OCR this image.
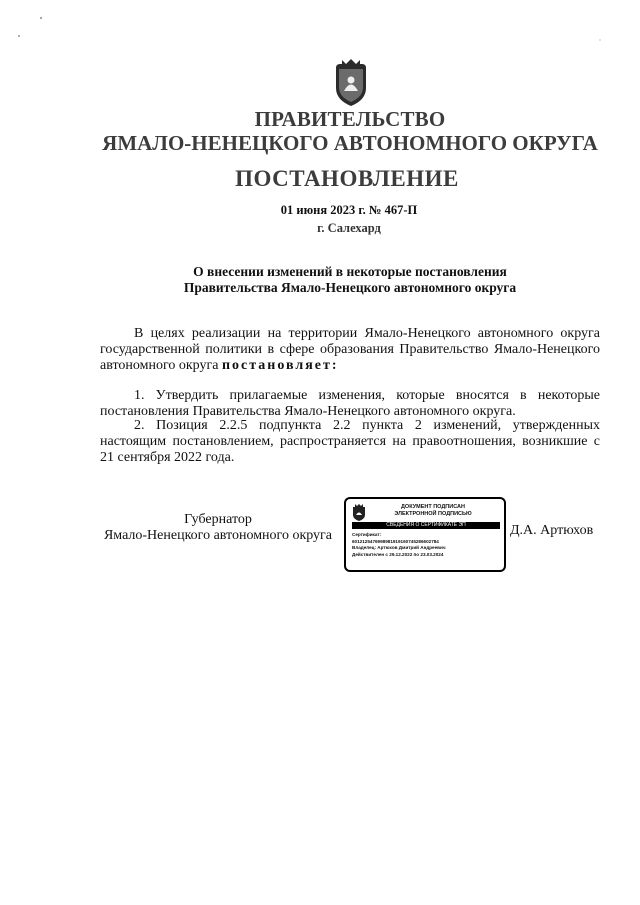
ПРАВИТЕЛЬСТВО
ЯМАЛО-НЕНЕЦКОГО АВТОНОМНОГО ОКРУГА
ПОСТАНОВЛЕНИЕ
01 июня 2023 г. № 467-П
г. Салехард
О внесении изменений в некоторые постановления
Правительства Ямало-Ненецкого автономного округа

В целях реализации на территории Ямало-Ненецкого автономного округа государственной политики в сфере образования Правительство Ямало-Ненецкого автономного округа постановляет:

1. Утвердить прилагаемые изменения, которые вносятся в некоторые постановления Правительства Ямало-Ненецкого автономного округа.

2. Позиция 2.2.5 подпункта 2.2 пункта 2 изменений, утвержденных настоящим постановлением, распространяется на правоотношения, возникшие с 21 сентября 2022 года.

Губернатор
Ямало-Ненецкого автономного округа
ДОКУМЕНТ ПОДПИСАН
ЭЛЕКТРОННОЙ ПОДПИСЬЮ
СВЕДЕНИЯ О СЕРТИФИКАТЕ ЭП
Сертификат:
6012125476998981919160745286602784
Владелец: Артюхов Дмитрий Андреевич
Действителен с 29.12.2022 по 23.03.2024
Д.А. Артюхов
